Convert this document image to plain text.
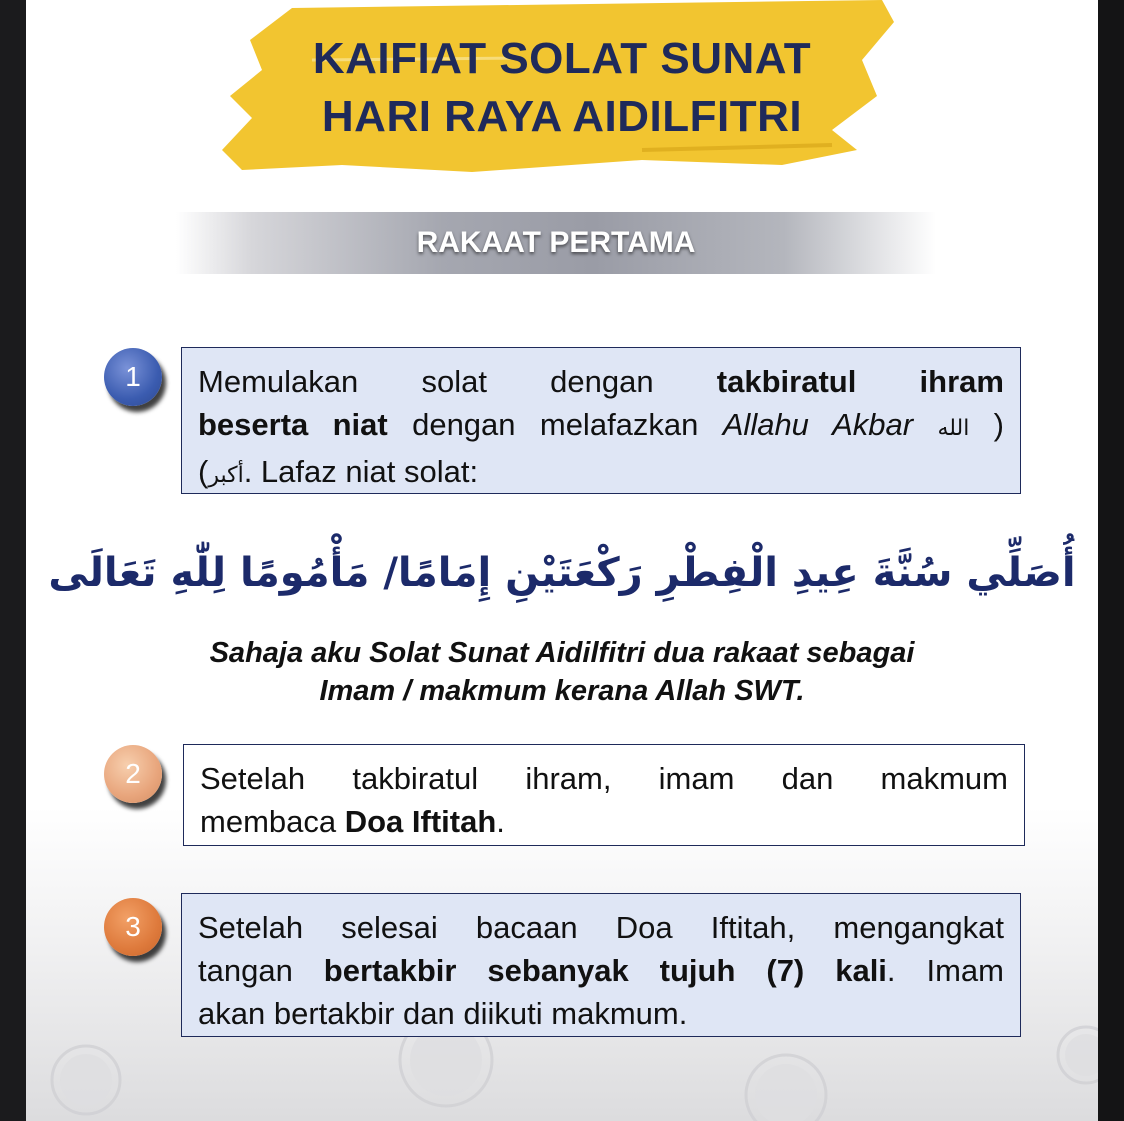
KAIFIAT SOLAT SUNAT
HARI RAYA AIDILFITRI
RAKAAT PERTAMA
1	Memulakan solat dengan takbiratul ihram
beserta niat dengan melafazkan Allahu Akbar الله )
(أكبر. Lafaz niat solat:
أُصَلِّي سُنَّةَ عِيدِ الْفِطْرِ رَكْعَتَيْنِ إِمَامًا/ مَأْمُومًا لِلّٰهِ تَعَالَى
Sahaja aku Solat Sunat Aidilfitri dua rakaat sebagai
Imam / makmum kerana Allah SWT.
2	Setelah takbiratul ihram, imam dan makmum
membaca Doa Iftitah.
3	Setelah selesai bacaan Doa Iftitah, mengangkat
tangan bertakbir sebanyak tujuh (7) kali. Imam
akan bertakbir dan diikuti makmum.
